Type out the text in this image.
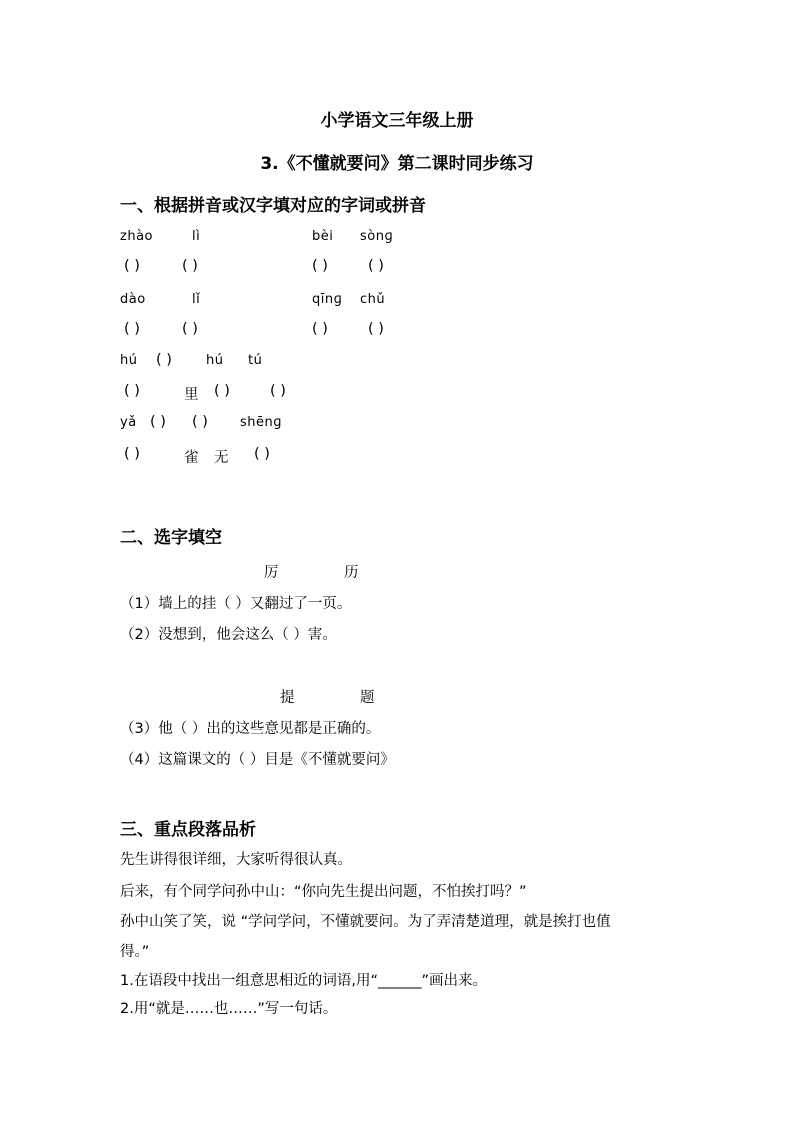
小学语文三年级上册
3.《不懂就要问》第二课时同步练习
一、根据拼音或汉字填对应的字词或拼音
zhào	lì	bèi sònɡ
( )	( )	( )	( )
dào	lǐ	qīnɡ chǔ
( )	( )	( )	( )
hú ( )	hú tú
( )	里 ( )	( )
yǎ ( ) ( ) shēnɡ
( )	雀 无 ( )
二、选字填空
厉	历
（1）墙上的挂（ ）又翻过了一页。
（2）没想到，他会这么（ ）害。
提	题
（3）他（ ）出的这些意见都是正确的。
（4）这篇课文的（ ）目是《不懂就要问》
三、重点段落品析
先生讲得很详细，大家听得很认真。
后来，有个同学问孙中山：“你向先生提出问题，不怕挨打吗？”
孙中山笑了笑，说 “学问学问，不懂就要问。为了弄清楚道理，就是挨打也值
得。”
1.在语段中找出一组意思相近的词语,用“______”画出来。
2.用“就是……也……”写一句话。
